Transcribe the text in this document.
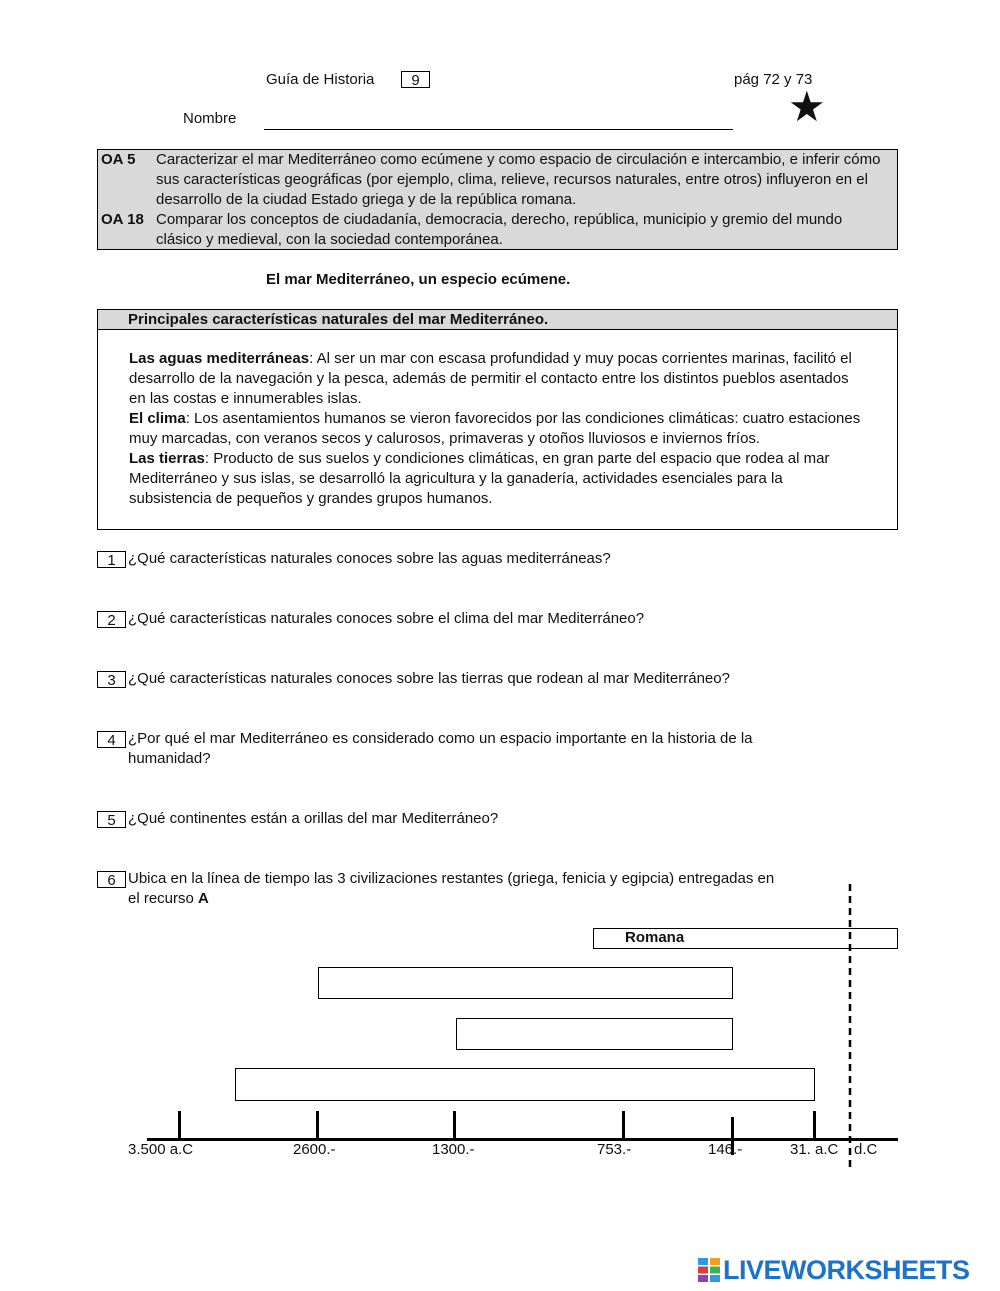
Guía de Historia	9	pág 72 y 73
★
Nombre
OA 5 Caracterizar el mar Mediterráneo como ecúmene y como espacio de circulación e intercambio, e inferir cómo sus características geográficas (por ejemplo, clima, relieve, recursos naturales, entre otros) influyeron en el desarrollo de la ciudad Estado griega y de la república romana.
OA 18 Comparar los conceptos de ciudadanía, democracia, derecho, república, municipio y gremio del mundo clásico y medieval, con la sociedad contemporánea.
El mar Mediterráneo, un especio ecúmene.
Principales características naturales del mar Mediterráneo.
Las aguas mediterráneas: Al ser un mar con escasa profundidad y muy pocas corrientes marinas, facilitó el desarrollo de la navegación y la pesca, además de permitir el contacto entre los distintos pueblos asentados en las costas e innumerables islas.
El clima: Los asentamientos humanos se vieron favorecidos por las condiciones climáticas: cuatro estaciones muy marcadas, con veranos secos y calurosos, primaveras y otoños lluviosos e inviernos fríos.
Las tierras: Producto de sus suelos y condiciones climáticas, en gran parte del espacio que rodea al mar Mediterráneo y sus islas, se desarrolló la agricultura y la ganadería, actividades esenciales para la subsistencia de pequeños y grandes grupos humanos.
1 ¿Qué características naturales conoces sobre las aguas mediterráneas?
2 ¿Qué características naturales conoces sobre el clima del mar Mediterráneo?
3 ¿Qué características naturales conoces sobre las tierras que rodean al mar Mediterráneo?
4 ¿Por qué el mar Mediterráneo es considerado como un espacio importante en la historia de la
humanidad?
5 ¿Qué continentes están a orillas del mar Mediterráneo?
6 Ubica en la línea de tiempo las 3 civilizaciones restantes (griega, fenicia y egipcia) entregadas en
el recurso A
Romana
3.500 a.C	2600.-	1300.-	753.-	146.-	31. a.C d.C
LIVEWORKSHEETS
